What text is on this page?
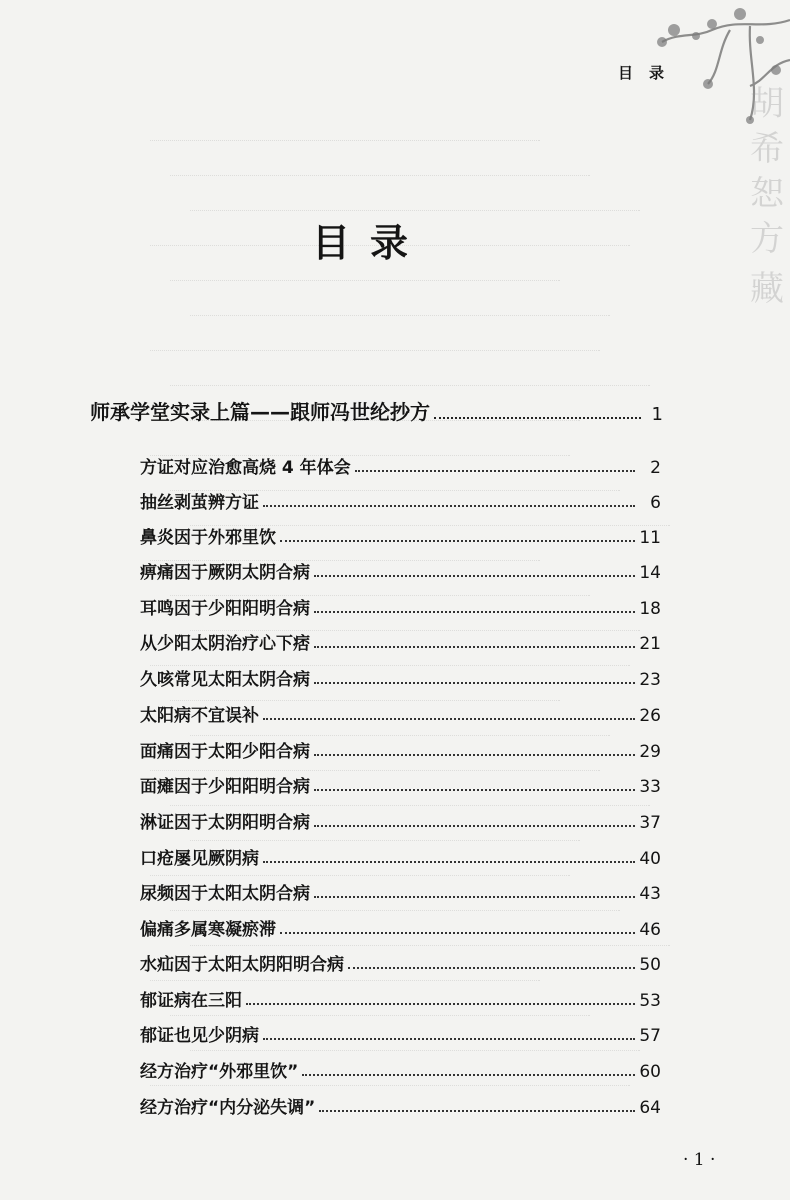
胡
希
恕
方
藏
目录
目录
师承学堂实录上篇——跟师冯世纶抄方	1
方证对应治愈高烧 4 年体会	2
抽丝剥茧辨方证	6
鼻炎因于外邪里饮	11
痹痛因于厥阴太阴合病	14
耳鸣因于少阳阳明合病	18
从少阳太阴治疗心下痞	21
久咳常见太阳太阴合病	23
太阳病不宜误补	26
面痛因于太阳少阳合病	29
面瘫因于少阳阳明合病	33
淋证因于太阴阳明合病	37
口疮屡见厥阴病	40
尿频因于太阳太阴合病	43
偏痛多属寒凝瘀滞	46
水疝因于太阳太阴阳明合病	50
郁证病在三阳	53
郁证也见少阴病	57
经方治疗“外邪里饮”	60
经方治疗“内分泌失调”	64
· 1 ·
